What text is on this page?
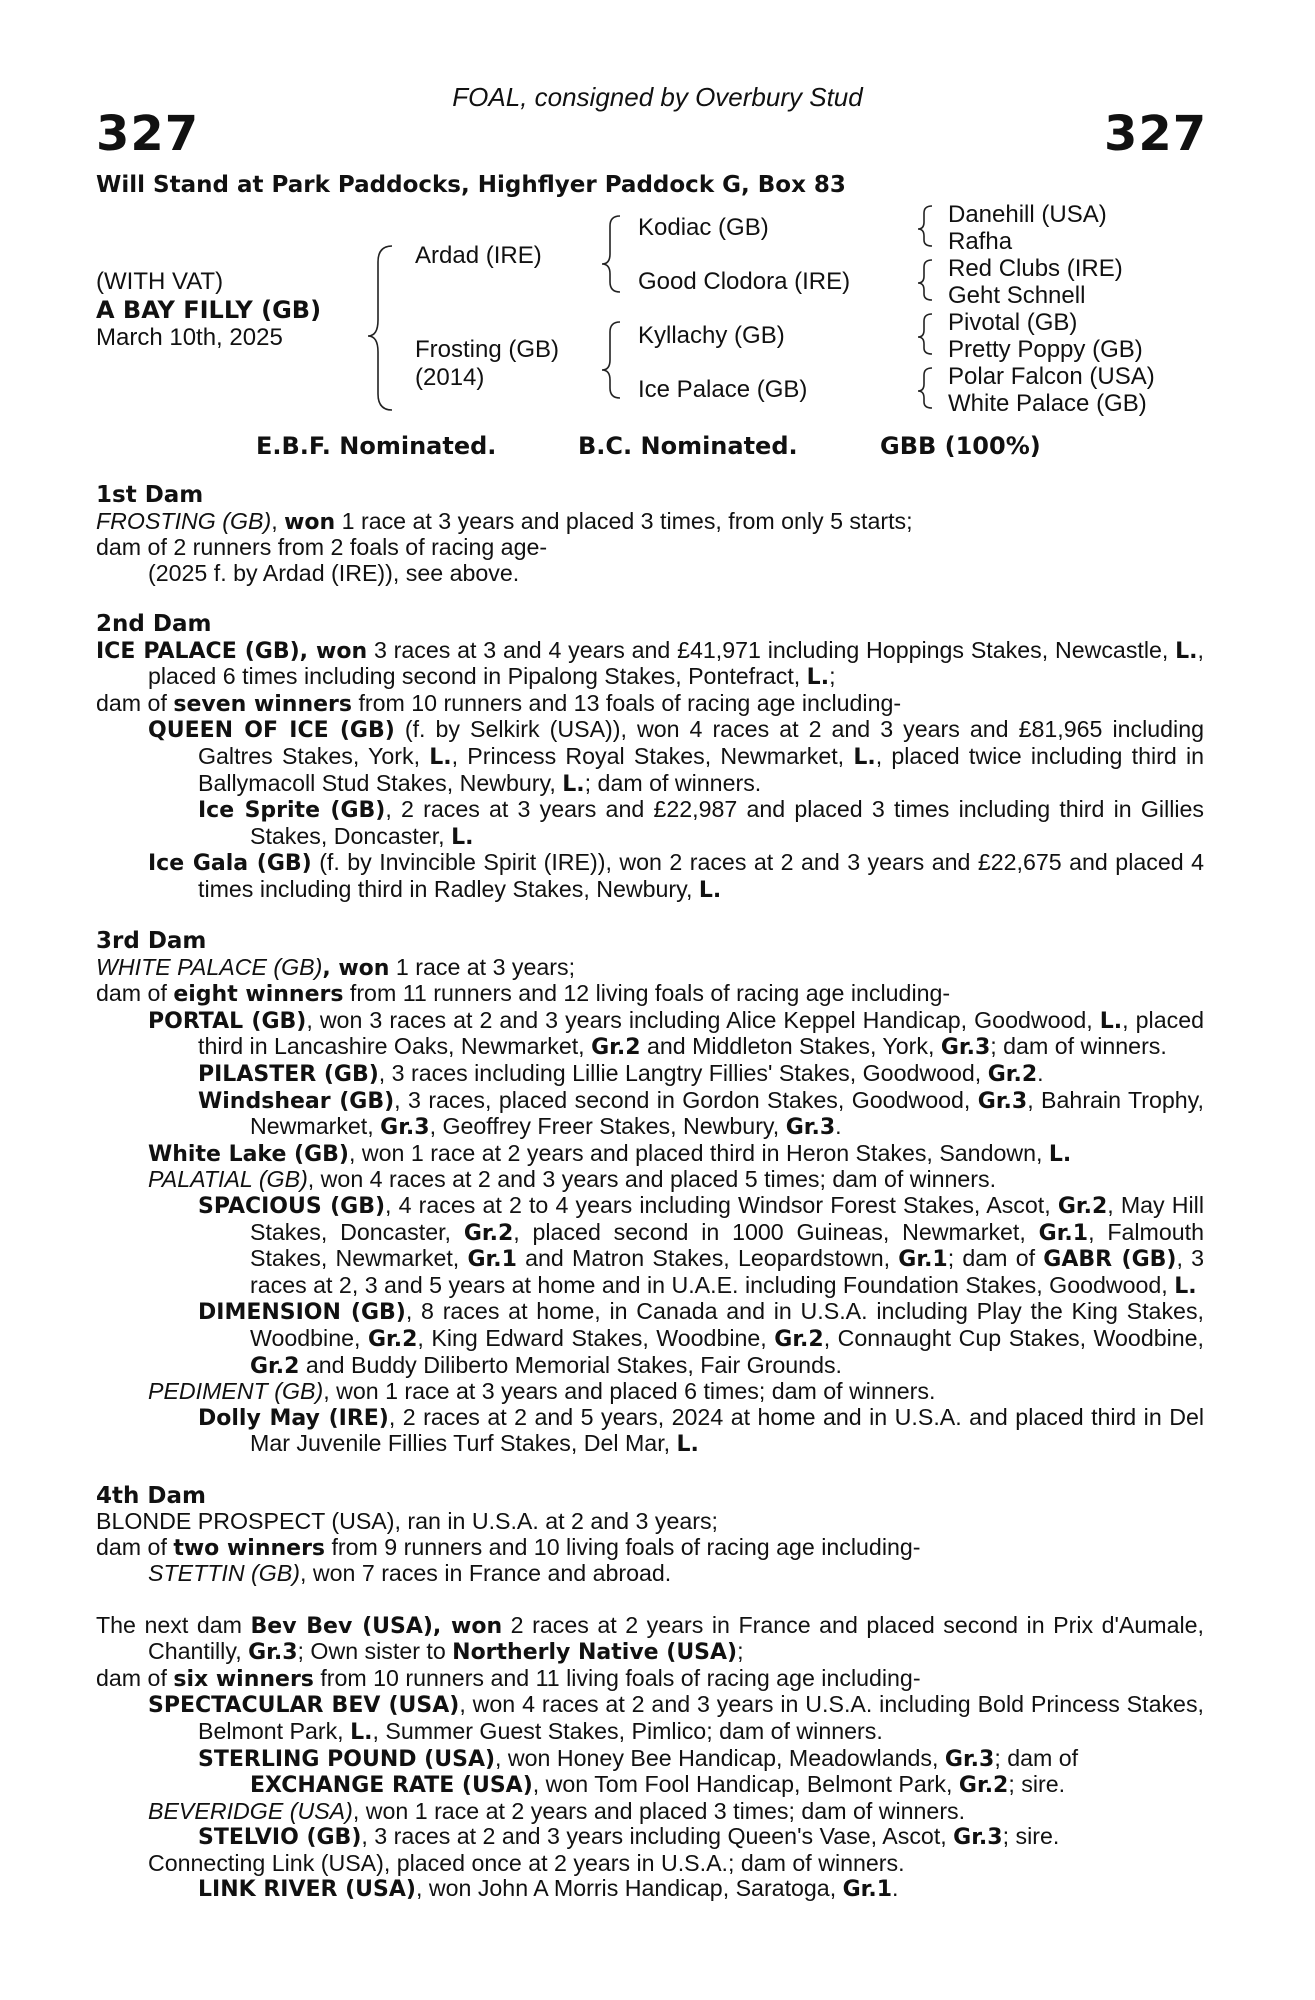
FOAL, consigned by Overbury Stud
327	327
Will Stand at Park Paddocks, Highflyer Paddock G, Box 83
(WITH VAT)
A BAY FILLY (GB)
March 10th, 2025
Ardad (IRE)
Frosting (GB)
(2014)
Kodiac (GB)
Good Clodora (IRE)
Kyllachy (GB)
Ice Palace (GB)
Danehill (USA)
Rafha
Red Clubs (IRE)
Geht Schnell
Pivotal (GB)
Pretty Poppy (GB)
Polar Falcon (USA)
White Palace (GB)
E.B.F. Nominated.	B.C. Nominated.	GBB (100%)
1st Dam
FROSTING (GB), won 1 race at 3 years and placed 3 times, from only 5 starts;
dam of 2 runners from 2 foals of racing age-
(2025 f. by Ardad (IRE)), see above.
2nd Dam
ICE PALACE (GB), won 3 races at 3 and 4 years and £41,971 including Hoppings Stakes, Newcastle, L., placed 6 times including second in Pipalong Stakes, Pontefract, L.;
dam of seven winners from 10 runners and 13 foals of racing age including-
QUEEN OF ICE (GB) (f. by Selkirk (USA)), won 4 races at 2 and 3 years and £81,965 including Galtres Stakes, York, L., Princess Royal Stakes, Newmarket, L., placed twice including third in Ballymacoll Stud Stakes, Newbury, L.; dam of winners.
Ice Sprite (GB), 2 races at 3 years and £22,987 and placed 3 times including third in Gillies Stakes, Doncaster, L.
Ice Gala (GB) (f. by Invincible Spirit (IRE)), won 2 races at 2 and 3 years and £22,675 and placed 4 times including third in Radley Stakes, Newbury, L.
3rd Dam
WHITE PALACE (GB), won 1 race at 3 years;
dam of eight winners from 11 runners and 12 living foals of racing age including-
PORTAL (GB), won 3 races at 2 and 3 years including Alice Keppel Handicap, Goodwood, L., placed third in Lancashire Oaks, Newmarket, Gr.2 and Middleton Stakes, York, Gr.3; dam of winners.
PILASTER (GB), 3 races including Lillie Langtry Fillies' Stakes, Goodwood, Gr.2.
Windshear (GB), 3 races, placed second in Gordon Stakes, Goodwood, Gr.3, Bahrain Trophy, Newmarket, Gr.3, Geoffrey Freer Stakes, Newbury, Gr.3.
White Lake (GB), won 1 race at 2 years and placed third in Heron Stakes, Sandown, L.
PALATIAL (GB), won 4 races at 2 and 3 years and placed 5 times; dam of winners.
SPACIOUS (GB), 4 races at 2 to 4 years including Windsor Forest Stakes, Ascot, Gr.2, May Hill Stakes, Doncaster, Gr.2, placed second in 1000 Guineas, Newmarket, Gr.1, Falmouth Stakes, Newmarket, Gr.1 and Matron Stakes, Leopardstown, Gr.1; dam of GABR (GB), 3 races at 2, 3 and 5 years at home and in U.A.E. including Foundation Stakes, Goodwood, L.
DIMENSION (GB), 8 races at home, in Canada and in U.S.A. including Play the King Stakes, Woodbine, Gr.2, King Edward Stakes, Woodbine, Gr.2, Connaught Cup Stakes, Woodbine, Gr.2 and Buddy Diliberto Memorial Stakes, Fair Grounds.
PEDIMENT (GB), won 1 race at 3 years and placed 6 times; dam of winners.
Dolly May (IRE), 2 races at 2 and 5 years, 2024 at home and in U.S.A. and placed third in Del Mar Juvenile Fillies Turf Stakes, Del Mar, L.
4th Dam
BLONDE PROSPECT (USA), ran in U.S.A. at 2 and 3 years;
dam of two winners from 9 runners and 10 living foals of racing age including-
STETTIN (GB), won 7 races in France and abroad.
The next dam Bev Bev (USA), won 2 races at 2 years in France and placed second in Prix d'Aumale, Chantilly, Gr.3; Own sister to Northerly Native (USA);
dam of six winners from 10 runners and 11 living foals of racing age including-
SPECTACULAR BEV (USA), won 4 races at 2 and 3 years in U.S.A. including Bold Princess Stakes, Belmont Park, L., Summer Guest Stakes, Pimlico; dam of winners.
STERLING POUND (USA), won Honey Bee Handicap, Meadowlands, Gr.3; dam of
EXCHANGE RATE (USA), won Tom Fool Handicap, Belmont Park, Gr.2; sire.
BEVERIDGE (USA), won 1 race at 2 years and placed 3 times; dam of winners.
STELVIO (GB), 3 races at 2 and 3 years including Queen's Vase, Ascot, Gr.3; sire.
Connecting Link (USA), placed once at 2 years in U.S.A.; dam of winners.
LINK RIVER (USA), won John A Morris Handicap, Saratoga, Gr.1.
